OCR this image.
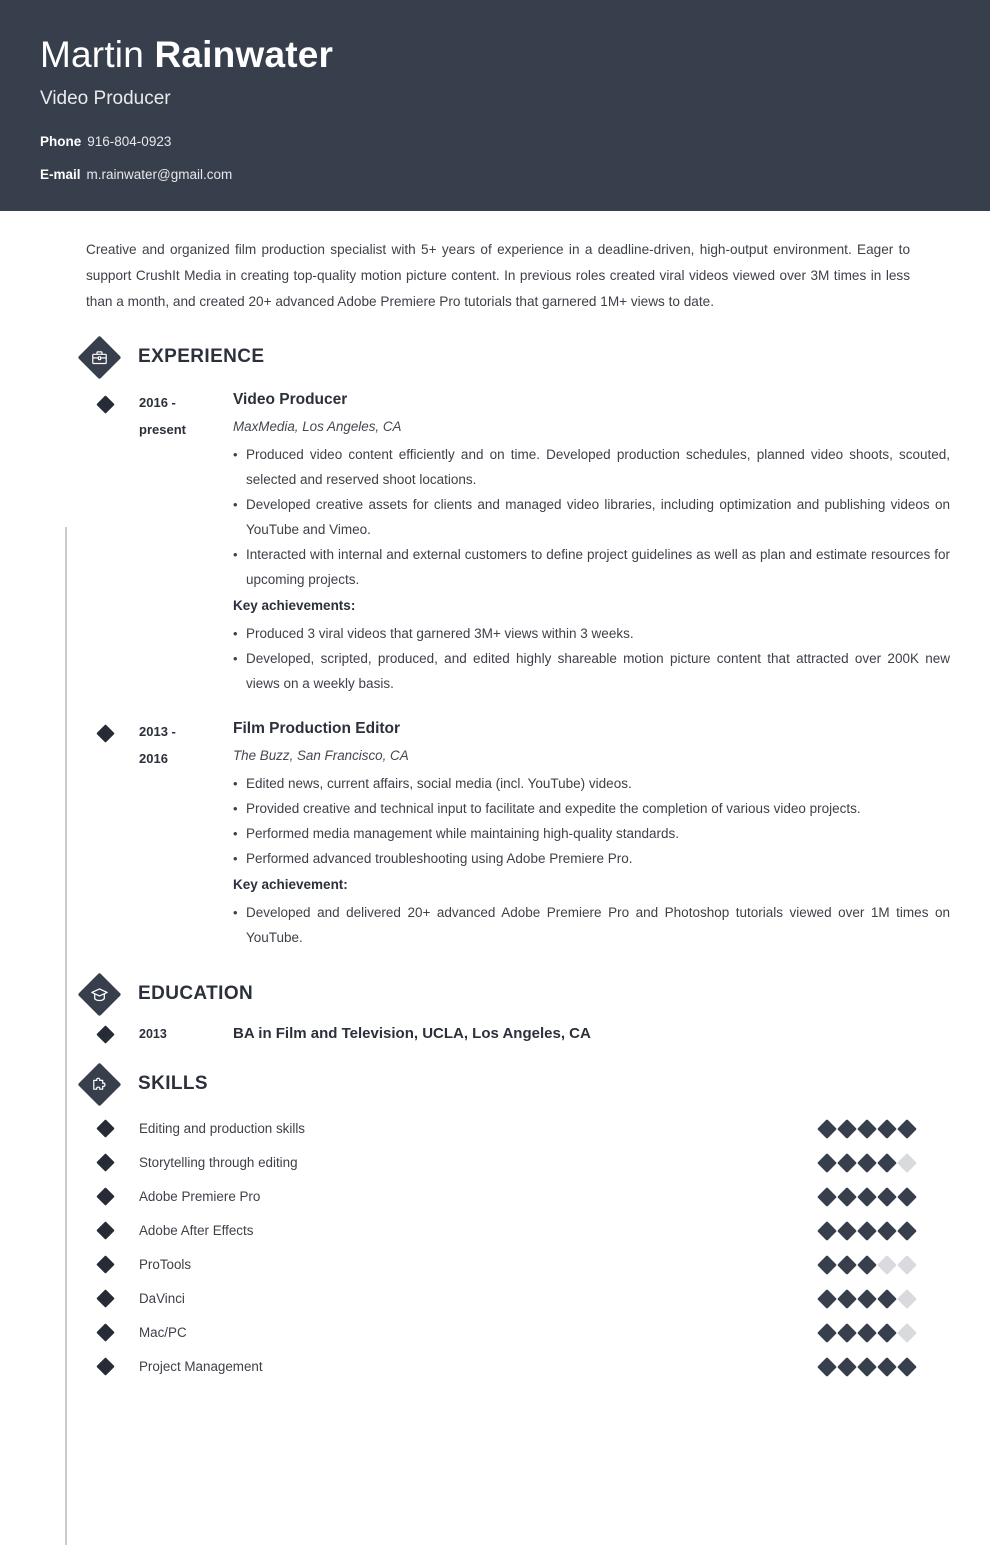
Martin Rainwater
Video Producer
Phone 916-804-0923
E-mail m.rainwater@gmail.com
Creative and organized film production specialist with 5+ years of experience in a deadline-driven, high-output environment. Eager to support CrushIt Media in creating top-quality motion picture content. In previous roles created viral videos viewed over 3M times in less than a month, and created 20+ advanced Adobe Premiere Pro tutorials that garnered 1M+ views to date.
EXPERIENCE
2016 -
present
Video Producer
MaxMedia, Los Angeles, CA
• Produced video content efficiently and on time. Developed production schedules, planned video shoots, scouted, selected and reserved shoot locations.
• Developed creative assets for clients and managed video libraries, including optimization and publishing videos on YouTube and Vimeo.
• Interacted with internal and external customers to define project guidelines as well as plan and estimate resources for upcoming projects.
Key achievements:
• Produced 3 viral videos that garnered 3M+ views within 3 weeks.
• Developed, scripted, produced, and edited highly shareable motion picture content that attracted over 200K new views on a weekly basis.
2013 -
2016
Film Production Editor
The Buzz, San Francisco, CA
• Edited news, current affairs, social media (incl. YouTube) videos.
• Provided creative and technical input to facilitate and expedite the completion of various video projects.
• Performed media management while maintaining high-quality standards.
• Performed advanced troubleshooting using Adobe Premiere Pro.
Key achievement:
• Developed and delivered 20+ advanced Adobe Premiere Pro and Photoshop tutorials viewed over 1M times on YouTube.
EDUCATION
2013	BA in Film and Television, UCLA, Los Angeles, CA
SKILLS
Editing and production skills
Storytelling through editing
Adobe Premiere Pro
Adobe After Effects
ProTools
DaVinci
Mac/PC
Project Management
